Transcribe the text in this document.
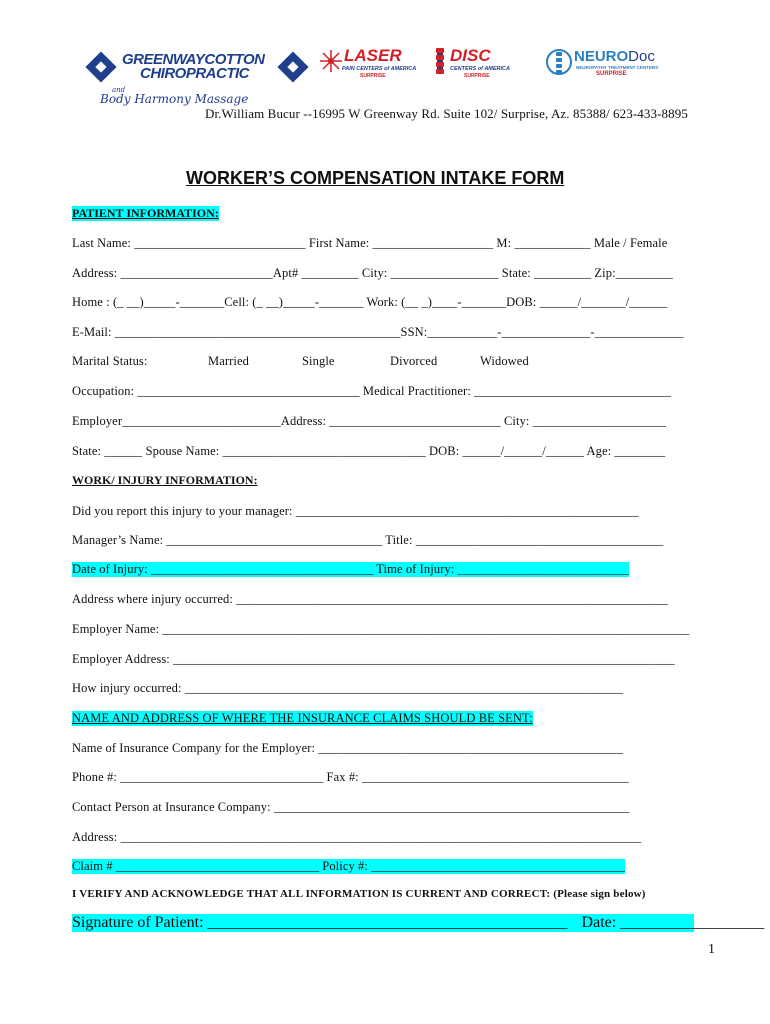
GREENWAYCOTTON
CHIROPRACTIC
and
Body Harmony Massage
LASER
PAIN CENTERS of AMERICA
SURPRISE
DISC
CENTERS of AMERICA
SURPRISE
NEURODoc
NEUROPATHY TREATMENT CENTERS
SURPRISE
Dr.William Bucur --16995 W Greenway Rd. Suite 102/ Surprise, Az. 85388/ 623-433-8895
WORKER’S COMPENSATION INTAKE FORM
PATIENT INFORMATION:
Last Name: ___________________________ First Name: ___________________ M: ____________ Male / Female
Address: ________________________Apt# _________ City: _________________ State: _________ Zip:_________
Home : (_ __)_____-_______Cell: (_ __)_____-_______ Work: (__ _)____-_______DOB: ______/_______/______
E-Mail: _____________________________________________SSN:___________-______________-______________
Marital Status:	Married	Single	Divorced	Widowed
Occupation: ___________________________________ Medical Practitioner: _______________________________
Employer_________________________Address: ___________________________ City: _____________________
State: ______ Spouse Name: ________________________________ DOB: ______/______/______ Age: ________
WORK/ INJURY INFORMATION:
Did you report this injury to your manager: ______________________________________________________
Manager’s Name: __________________________________ Title: _______________________________________
Date of Injury: ___________________________________ Time of Injury: ___________________________
Address where injury occurred: ____________________________________________________________________
Employer Name: ___________________________________________________________________________________
Employer Address: _______________________________________________________________________________
How injury occurred: _____________________________________________________________________
NAME AND ADDRESS OF WHERE THE INSURANCE CLAIMS SHOULD BE SENT:
Name of Insurance Company for the Employer: ________________________________________________
Phone #: ________________________________ Fax #: __________________________________________
Contact Person at Insurance Company: ________________________________________________________
Address: __________________________________________________________________________________
Claim # ________________________________ Policy #: ________________________________________
I VERIFY AND ACKNOWLEDGE THAT ALL INFORMATION IS CURRENT AND CORRECT: (Please sign below)
Signature of Patient: _____________________________________________ Date: __________________
1
